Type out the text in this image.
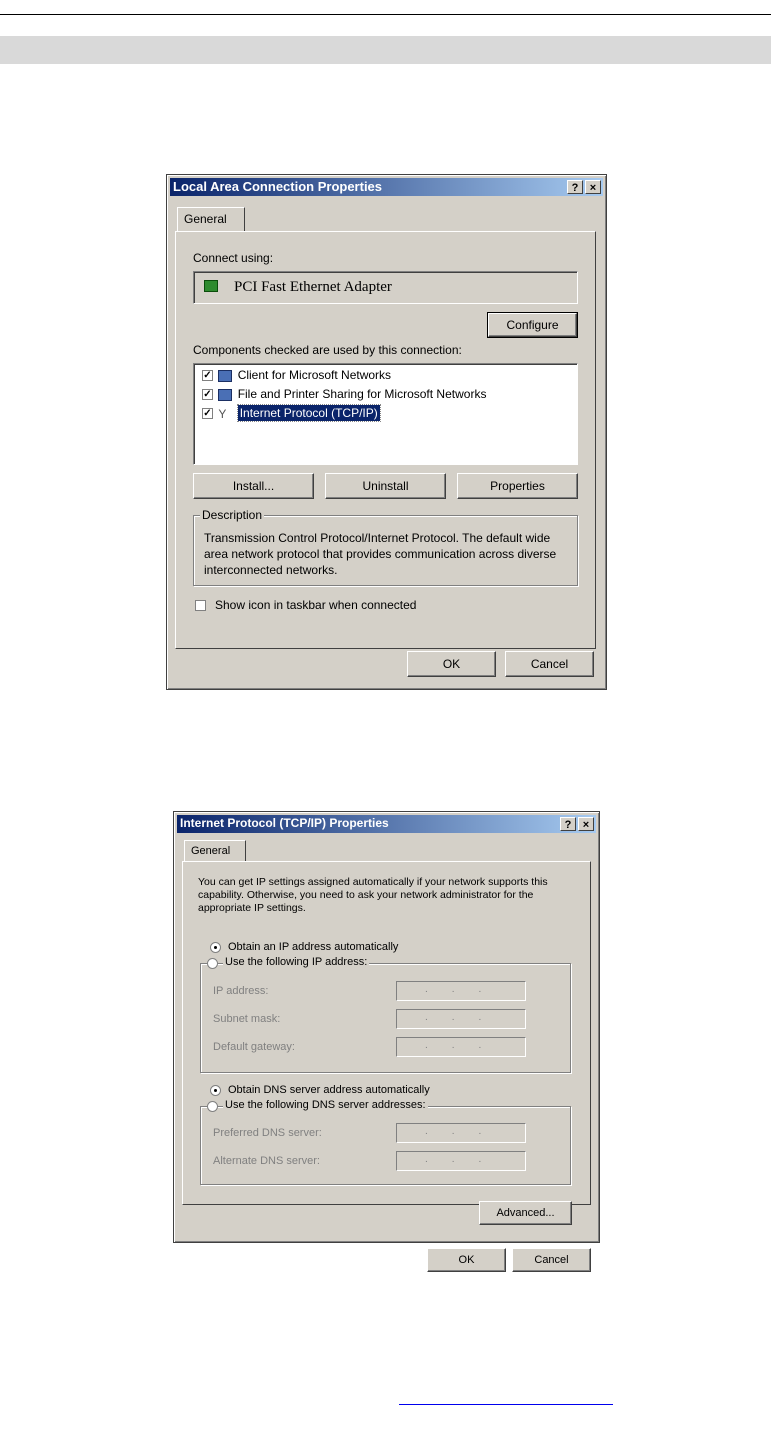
Local Area Connection Properties	?	×
General
Connect using:
PCI Fast Ethernet Adapter
Configure
Components checked are used by this connection:
✓ Client for Microsoft Networks
✓ File and Printer Sharing for Microsoft Networks
✓ Y Internet Protocol (TCP/IP)
Install...	Uninstall	Properties
Description
Transmission Control Protocol/Internet Protocol. The default wide area network protocol that provides communication across diverse interconnected networks.
Show icon in taskbar when connected
OK	Cancel
Internet Protocol (TCP/IP) Properties	?	×
General
You can get IP settings assigned automatically if your network supports this capability. Otherwise, you need to ask your network administrator for the appropriate IP settings.
Obtain an IP address automatically
Use the following IP address:
IP address:	...
Subnet mask:	...
Default gateway:	...
Obtain DNS server address automatically
Use the following DNS server addresses:
Preferred DNS server:	...
Alternate DNS server:	...
Advanced...
OK	Cancel
